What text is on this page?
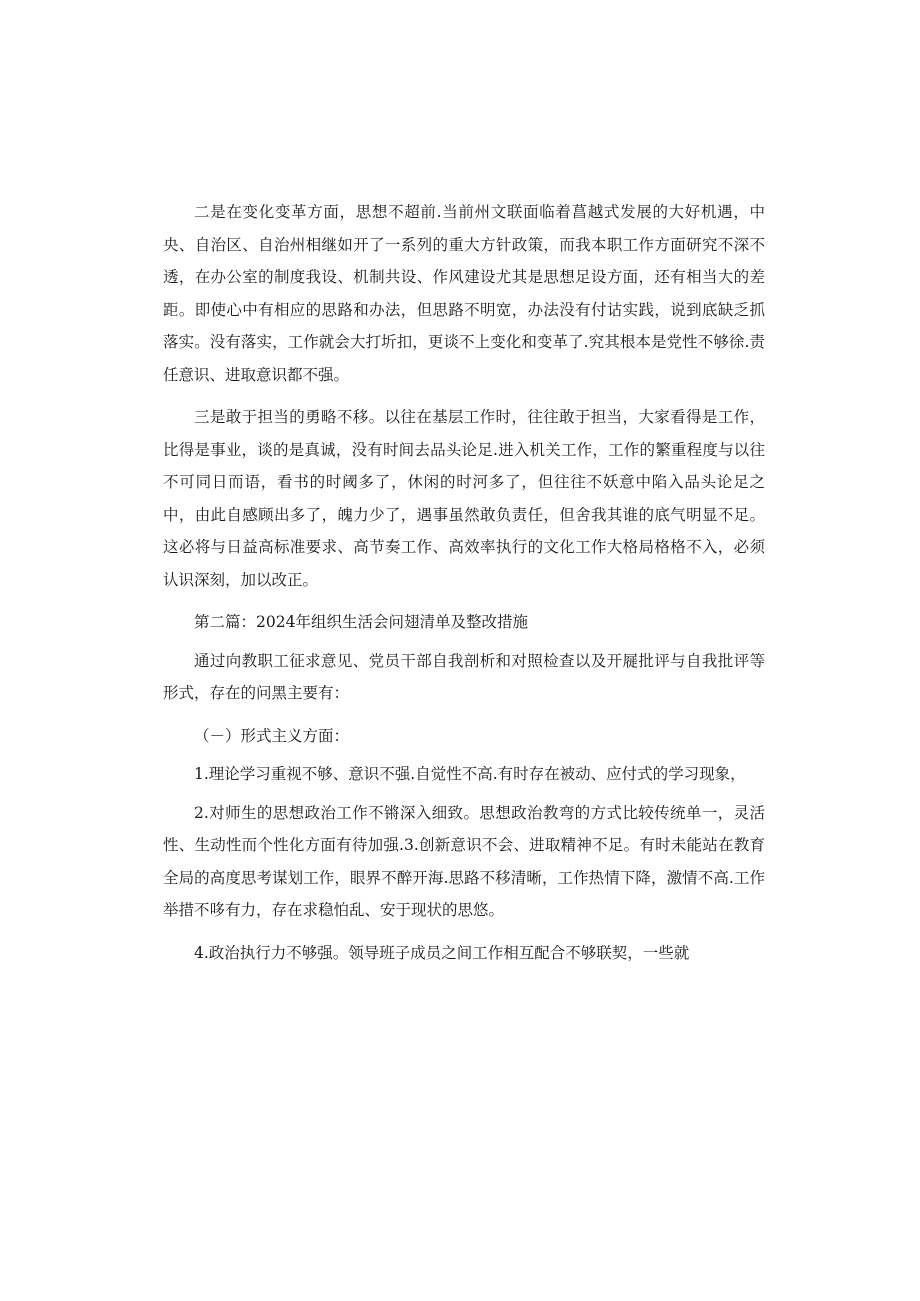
二是在变化变革方面，思想不超前.当前州文联面临着菖越式发展的大好机遇，中央、自治区、自治州相继如开了一系列的重大方针政策，而我本职工作方面研究不深不透，在办公室的制度我设、机制共设、作风建设尤其是思想足设方面，还有相当大的差距。即使心中有相应的思路和办法，但思路不明宽，办法没有付诂实践，说到底缺乏抓落实。没有落实，工作就会大打圻扣，更谈不上变化和变革了.究其根本是党性不够徐.责任意识、进取意识都不强。

三是敢于担当的勇略不移。以往在基层工作时，往往敢于担当，大家看得是工作，比得是事业，谈的是真诚，没有时间去品头论足.进入机关工作，工作的繁重程度与以往不可同日而语，看书的时阈多了，休闲的时河多了，但往往不妖意中陷入品头论足之中，由此自感顾出多了，魄力少了，遇事虽然敢负责任，但舍我其谁的底气明显不足。这必将与日益高标准要求、高节奏工作、高效率执行的文化工作大格局格格不入，必须认识深刻，加以改正。

第二篇：2024年组织生活会问翅清单及整改措施

通过向教职工征求意见、党员干部自我剖析和对照检查以及开屣批评与自我批评等形式，存在的问黑主要有：

（－）形式主义方面：

1.理论学习重视不够、意识不强.自觉性不高.有时存在被动、应付式的学习现象，

2.对师生的思想政治工作不锵深入细致。思想政治教弯的方式比较传统单一，灵活性、生动性而个性化方面有待加强.3.创新意识不会、进取精神不足。有时未能站在教育全局的高度思考谋划工作，眼界不醉开海.思路不移清晰，工作热情下降，激情不高.工作举措不哆有力，存在求稳怕乱、安于现状的思悠。

4.政治执行力不够强。领导班子成员之间工作相互配合不够联契，一些就
